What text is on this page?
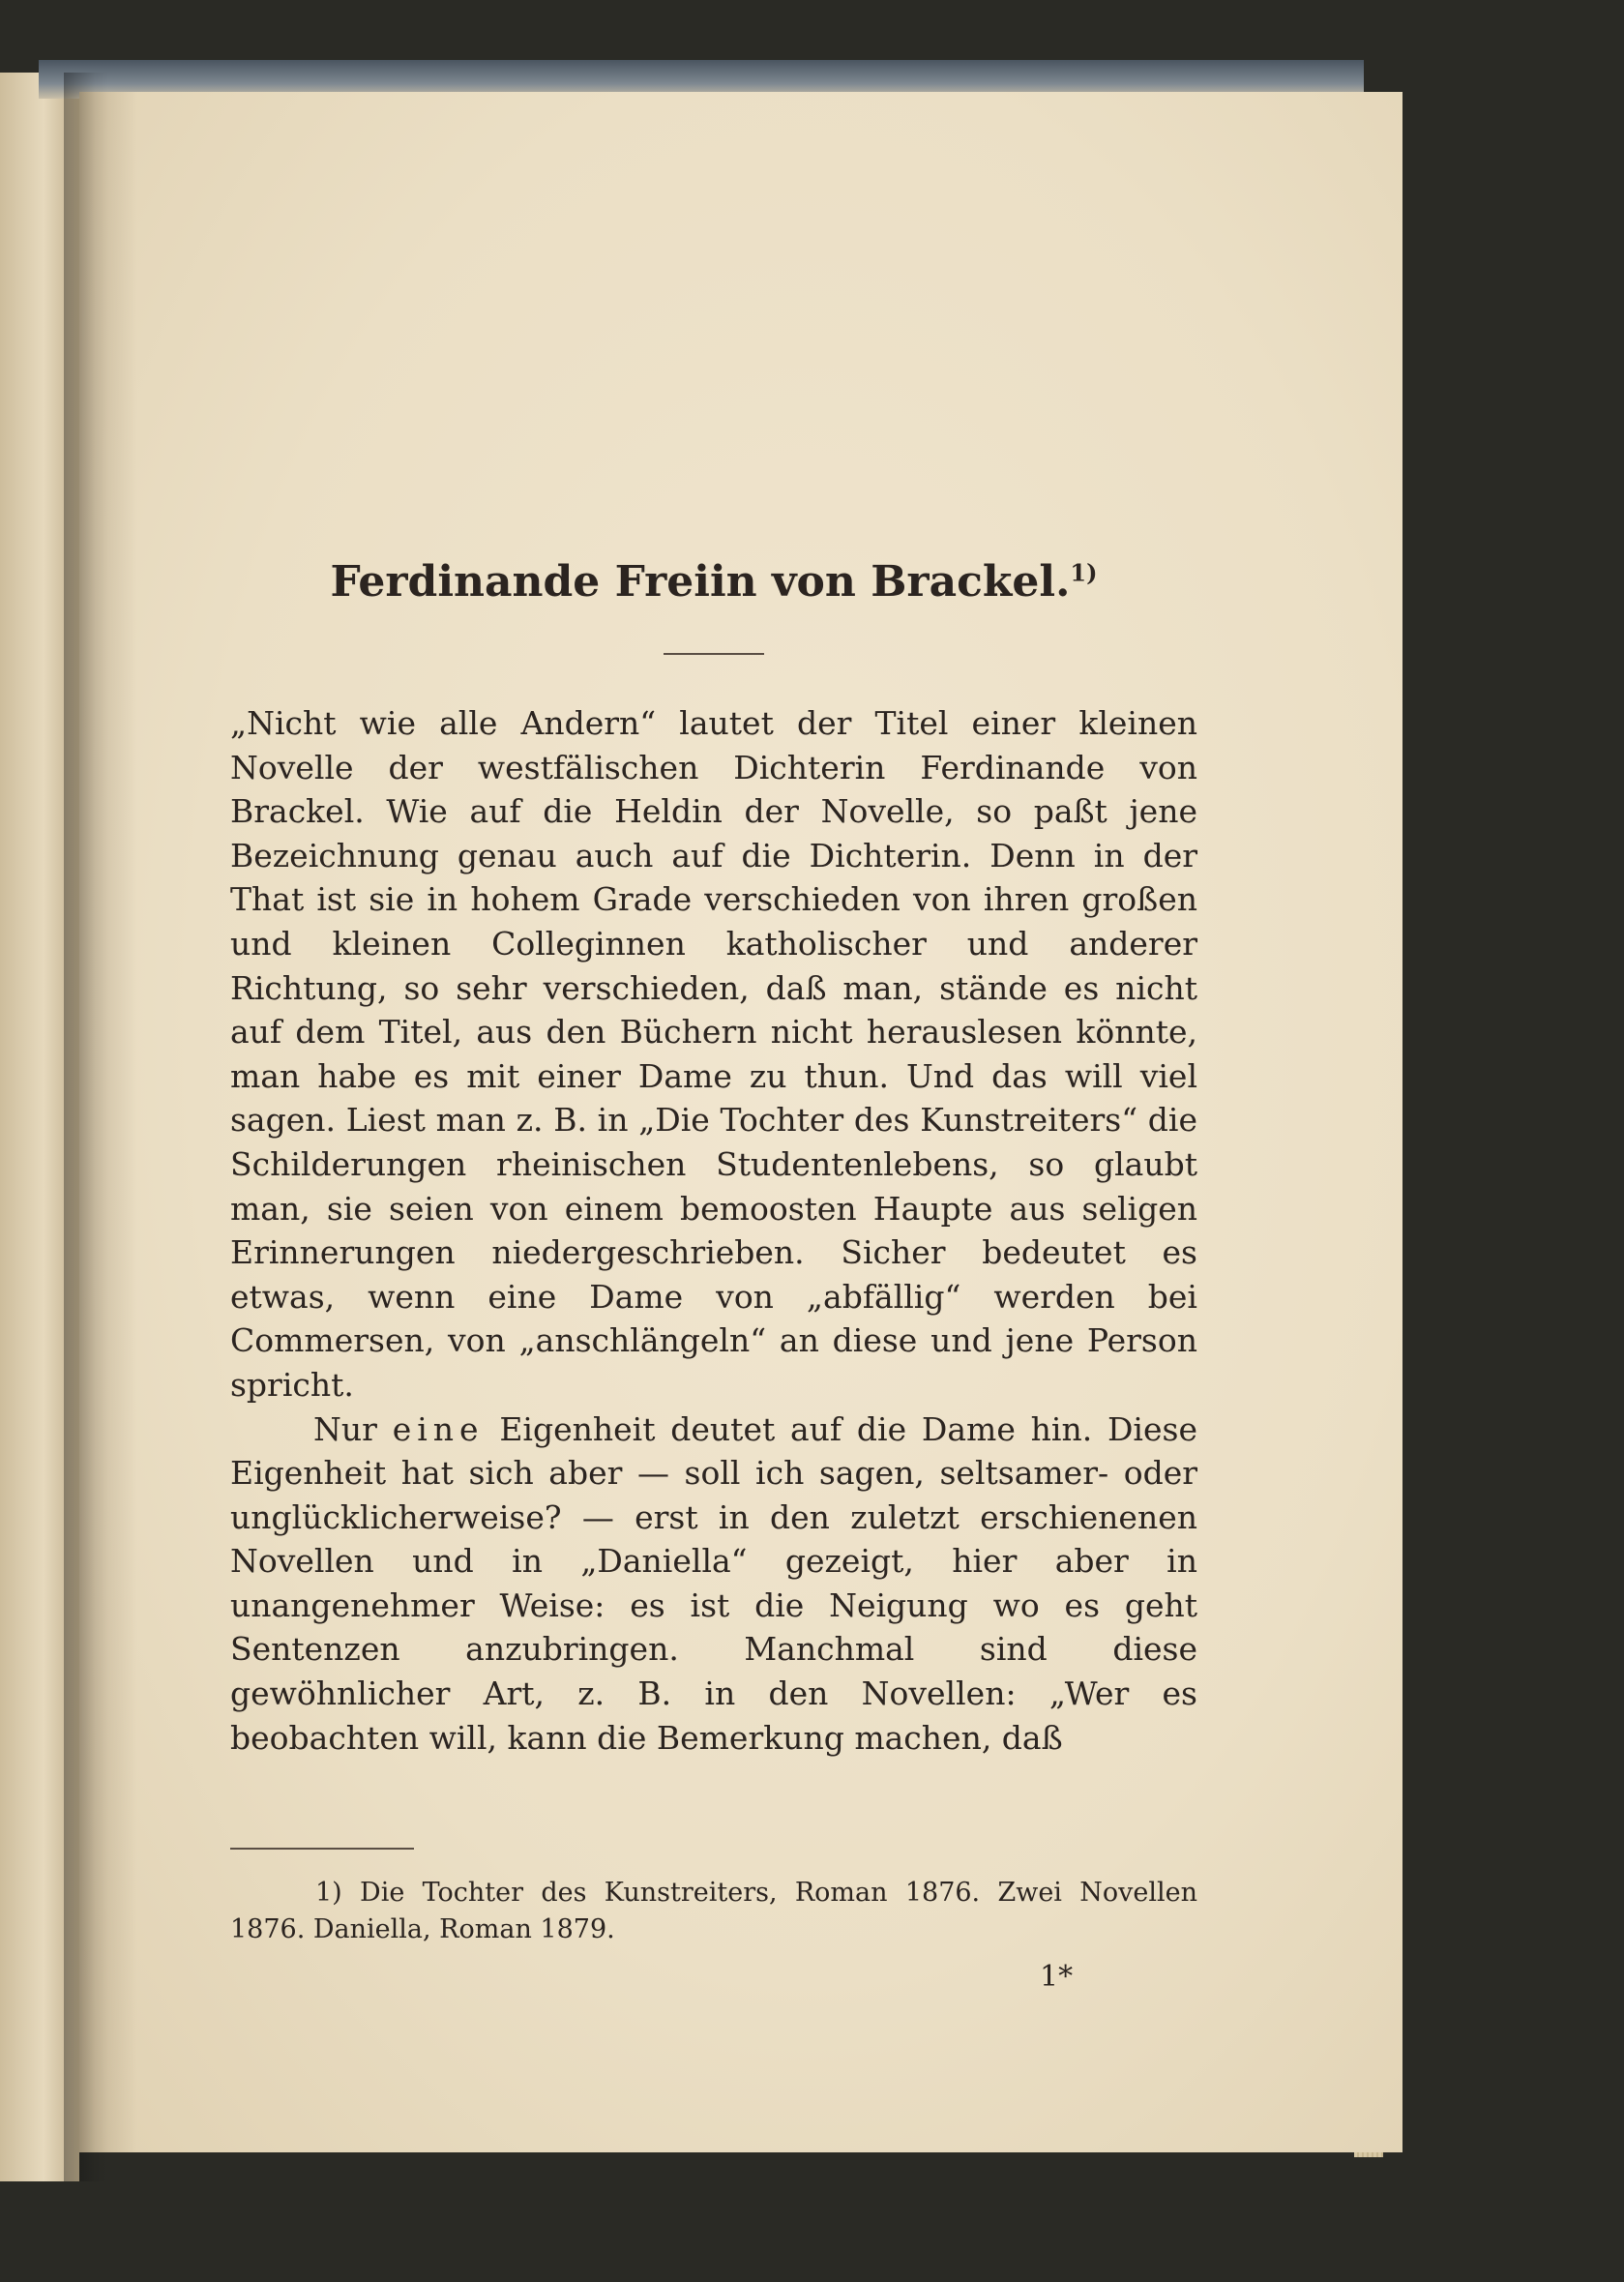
Ferdinande Freiin von Brackel.$^{1)}$

„Nicht wie alle Andern“ lautet der Titel einer kleinen Novelle der westfälischen Dichterin Ferdinande von Brackel. Wie auf die Heldin der Novelle, so paßt jene Bezeichnung genau auch auf die Dichterin. Denn in der That ist sie in hohem Grade verschieden von ihren großen und kleinen Colleginnen katholischer und anderer Richtung, so sehr verschieden, daß man, stände es nicht auf dem Titel, aus den Büchern nicht herauslesen könnte, man habe es mit einer Dame zu thun. Und das will viel sagen. Liest man z. B. in „Die Tochter des Kunstreiters“ die Schilderungen rheinischen Studentenlebens, so glaubt man, sie seien von einem bemoosten Haupte aus seligen Erinnerungen niedergeschrieben. Sicher bedeutet es etwas, wenn eine Dame von „abfällig“ werden bei Commersen, von „anschlängeln“ an diese und jene Person spricht.

Nur eine Eigenheit deutet auf die Dame hin. Diese Eigenheit hat sich aber — soll ich sagen, seltsamer- oder unglücklicherweise? — erst in den zuletzt erschienenen Novellen und in „Daniella“ gezeigt, hier aber in unangenehmer Weise: es ist die Neigung wo es geht Sentenzen anzubringen. Manchmal sind diese gewöhnlicher Art, z. B. in den Novellen: „Wer es beobachten will, kann die Bemerkung machen, daß

1) Die Tochter des Kunstreiters, Roman 1876. Zwei Novellen 1876. Daniella, Roman 1879.
1*
